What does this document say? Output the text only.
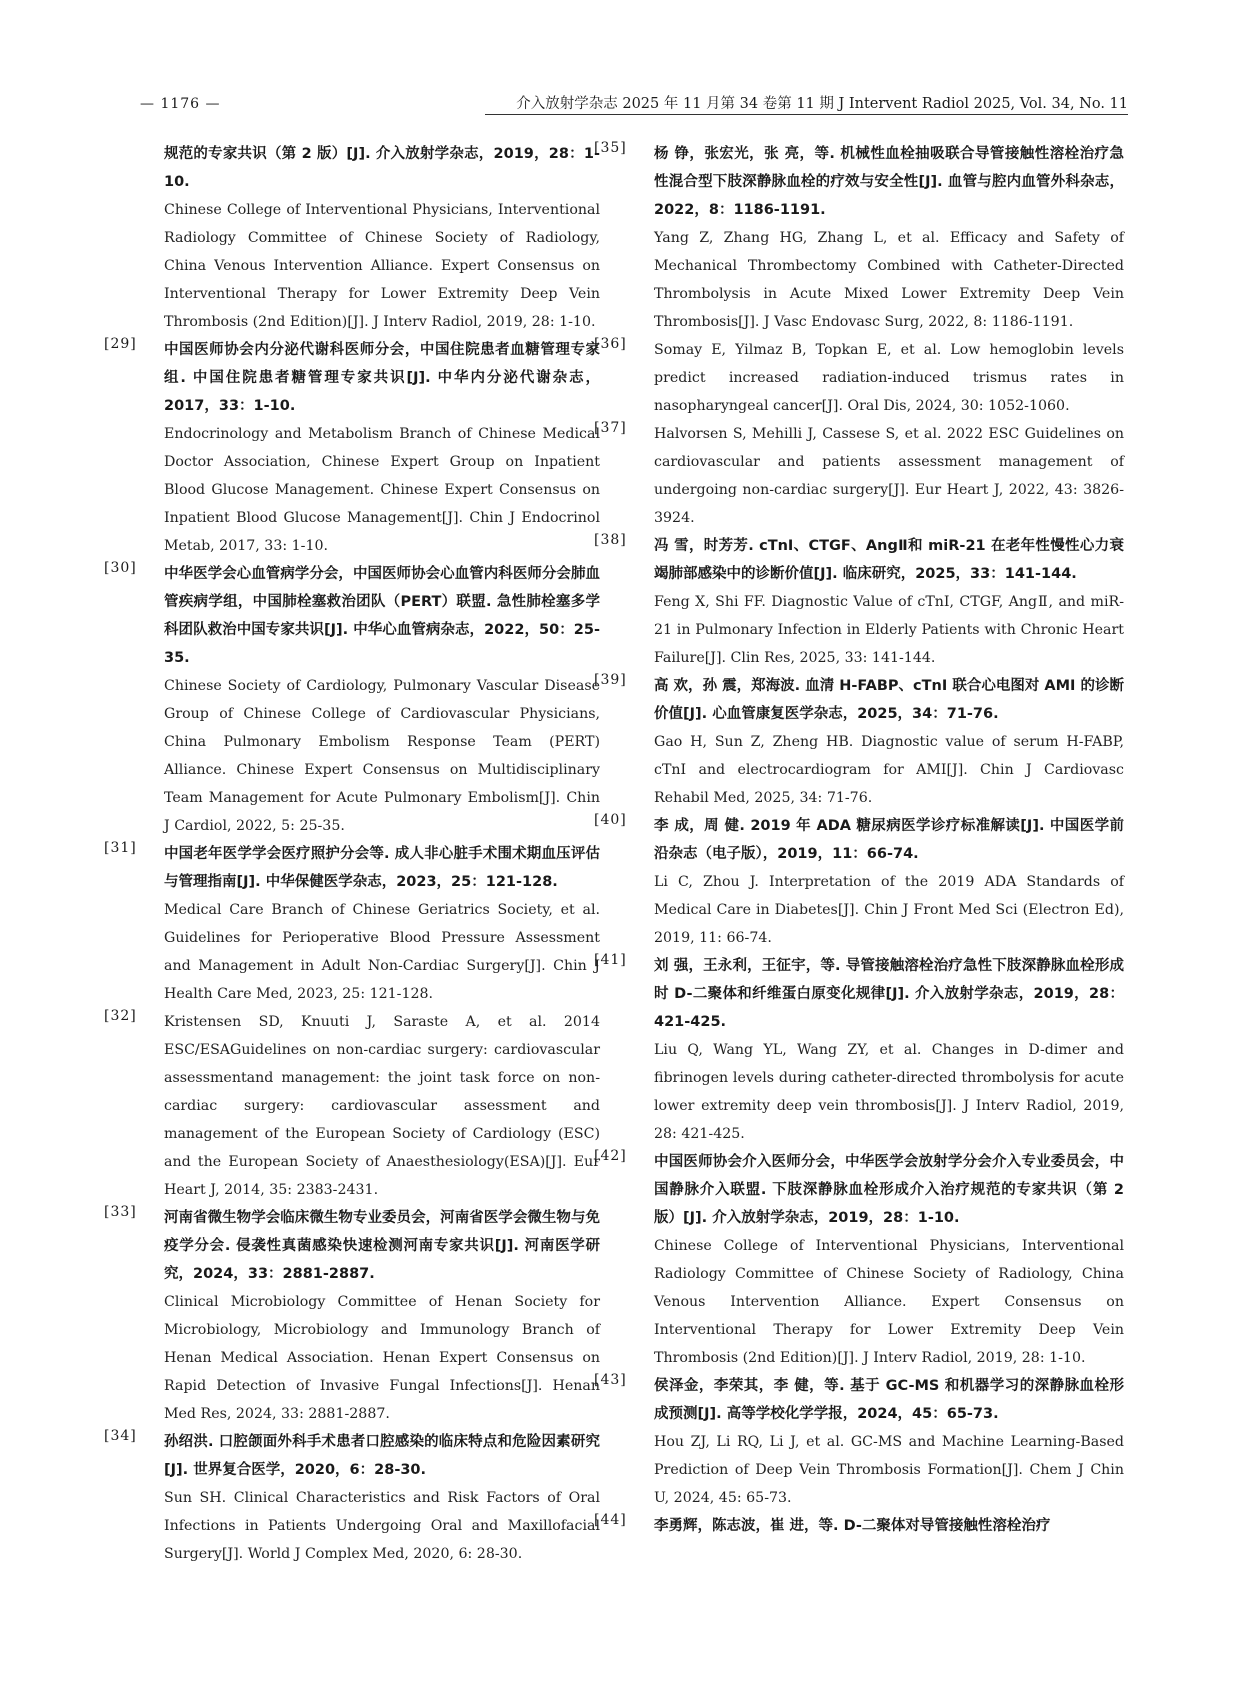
— 1176 —	介入放射学杂志 2025 年 11 月第 34 卷第 11 期 J Intervent Radiol 2025, Vol. 34, No. 11

规范的专家共识（第 2 版）[J]. 介入放射学杂志，2019，28：1-10.

Chinese College of Interventional Physicians, Interventional Radiology Committee of Chinese Society of Radiology, China Venous Intervention Alliance. Expert Consensus on Interventional Therapy for Lower Extremity Deep Vein Thrombosis (2nd Edition)[J]. J Interv Radiol, 2019, 28: 1-10.

[29] 中国医师协会内分泌代谢科医师分会，中国住院患者血糖管理专家组. 中国住院患者糖管理专家共识[J]. 中华内分泌代谢杂志，2017，33：1-10.

Endocrinology and Metabolism Branch of Chinese Medical Doctor Association, Chinese Expert Group on Inpatient Blood Glucose Management. Chinese Expert Consensus on Inpatient Blood Glucose Management[J]. Chin J Endocrinol Metab, 2017, 33: 1-10.

[30] 中华医学会心血管病学分会，中国医师协会心血管内科医师分会肺血管疾病学组，中国肺栓塞救治团队（PERT）联盟. 急性肺栓塞多学科团队救治中国专家共识[J]. 中华心血管病杂志，2022，50：25-35.

Chinese Society of Cardiology, Pulmonary Vascular Disease Group of Chinese College of Cardiovascular Physicians, China Pulmonary Embolism Response Team (PERT) Alliance. Chinese Expert Consensus on Multidisciplinary Team Management for Acute Pulmonary Embolism[J]. Chin J Cardiol, 2022, 5: 25-35.

[31] 中国老年医学学会医疗照护分会等. 成人非心脏手术围术期血压评估与管理指南[J]. 中华保健医学杂志，2023，25：121-128.

Medical Care Branch of Chinese Geriatrics Society, et al. Guidelines for Perioperative Blood Pressure Assessment and Management in Adult Non-Cardiac Surgery[J]. Chin J Health Care Med, 2023, 25: 121-128.

[32] Kristensen SD, Knuuti J, Saraste A, et al. 2014 ESC/ESAGuidelines on non-cardiac surgery: cardiovascular assessmentand management: the joint task force on non-cardiac surgery: cardiovascular assessment and management of the European Society of Cardiology (ESC) and the European Society of Anaesthesiology(ESA)[J]. Eur Heart J, 2014, 35: 2383-2431.

[33] 河南省微生物学会临床微生物专业委员会，河南省医学会微生物与免疫学分会. 侵袭性真菌感染快速检测河南专家共识[J]. 河南医学研究，2024，33：2881-2887.

Clinical Microbiology Committee of Henan Society for Microbiology, Microbiology and Immunology Branch of Henan Medical Association. Henan Expert Consensus on Rapid Detection of Invasive Fungal Infections[J]. Henan Med Res, 2024, 33: 2881-2887.

[34] 孙绍洪. 口腔颌面外科手术患者口腔感染的临床特点和危险因素研究[J]. 世界复合医学，2020，6：28-30.

Sun SH. Clinical Characteristics and Risk Factors of Oral Infections in Patients Undergoing Oral and Maxillofacial Surgery[J]. World J Complex Med, 2020, 6: 28-30.

[35] 杨 铮，张宏光，张 亮，等. 机械性血栓抽吸联合导管接触性溶栓治疗急性混合型下肢深静脉血栓的疗效与安全性[J]. 血管与腔内血管外科杂志，2022，8：1186-1191.

Yang Z, Zhang HG, Zhang L, et al. Efficacy and Safety of Mechanical Thrombectomy Combined with Catheter-Directed Thrombolysis in Acute Mixed Lower Extremity Deep Vein Thrombosis[J]. J Vasc Endovasc Surg, 2022, 8: 1186-1191.

[36] Somay E, Yilmaz B, Topkan E, et al. Low hemoglobin levels predict increased radiation-induced trismus rates in nasopharyngeal cancer[J]. Oral Dis, 2024, 30: 1052-1060.

[37] Halvorsen S, Mehilli J, Cassese S, et al. 2022 ESC Guidelines on cardiovascular and patients assessment management of undergoing non-cardiac surgery[J]. Eur Heart J, 2022, 43: 3826-3924.

[38] 冯 雪，时芳芳. cTnI、CTGF、AngⅡ和 miR-21 在老年性慢性心力衰竭肺部感染中的诊断价值[J]. 临床研究，2025，33：141-144.

Feng X, Shi FF. Diagnostic Value of cTnI, CTGF, AngⅡ, and miR-21 in Pulmonary Infection in Elderly Patients with Chronic Heart Failure[J]. Clin Res, 2025, 33: 141-144.

[39] 高 欢，孙 震，郑海波. 血清 H-FABP、cTnI 联合心电图对 AMI 的诊断价值[J]. 心血管康复医学杂志，2025，34：71-76.

Gao H, Sun Z, Zheng HB. Diagnostic value of serum H-FABP, cTnI and electrocardiogram for AMI[J]. Chin J Cardiovasc Rehabil Med, 2025, 34: 71-76.

[40] 李 成，周 健. 2019 年 ADA 糖尿病医学诊疗标准解读[J]. 中国医学前沿杂志（电子版），2019，11：66-74.

Li C, Zhou J. Interpretation of the 2019 ADA Standards of Medical Care in Diabetes[J]. Chin J Front Med Sci (Electron Ed), 2019, 11: 66-74.

[41] 刘 强，王永利，王征宇，等. 导管接触溶栓治疗急性下肢深静脉血栓形成时 D-二聚体和纤维蛋白原变化规律[J]. 介入放射学杂志，2019，28：421-425.

Liu Q, Wang YL, Wang ZY, et al. Changes in D-dimer and fibrinogen levels during catheter-directed thrombolysis for acute lower extremity deep vein thrombosis[J]. J Interv Radiol, 2019, 28: 421-425.

[42] 中国医师协会介入医师分会，中华医学会放射学分会介入专业委员会，中国静脉介入联盟. 下肢深静脉血栓形成介入治疗规范的专家共识（第 2 版）[J]. 介入放射学杂志，2019，28：1-10.

Chinese College of Interventional Physicians, Interventional Radiology Committee of Chinese Society of Radiology, China Venous Intervention Alliance. Expert Consensus on Interventional Therapy for Lower Extremity Deep Vein Thrombosis (2nd Edition)[J]. J Interv Radiol, 2019, 28: 1-10.

[43] 侯泽金，李荣其，李 健，等. 基于 GC-MS 和机器学习的深静脉血栓形成预测[J]. 高等学校化学学报，2024，45：65-73.

Hou ZJ, Li RQ, Li J, et al. GC-MS and Machine Learning-Based Prediction of Deep Vein Thrombosis Formation[J]. Chem J Chin U, 2024, 45: 65-73.

[44] 李勇辉，陈志波，崔 进，等. D-二聚体对导管接触性溶栓治疗
